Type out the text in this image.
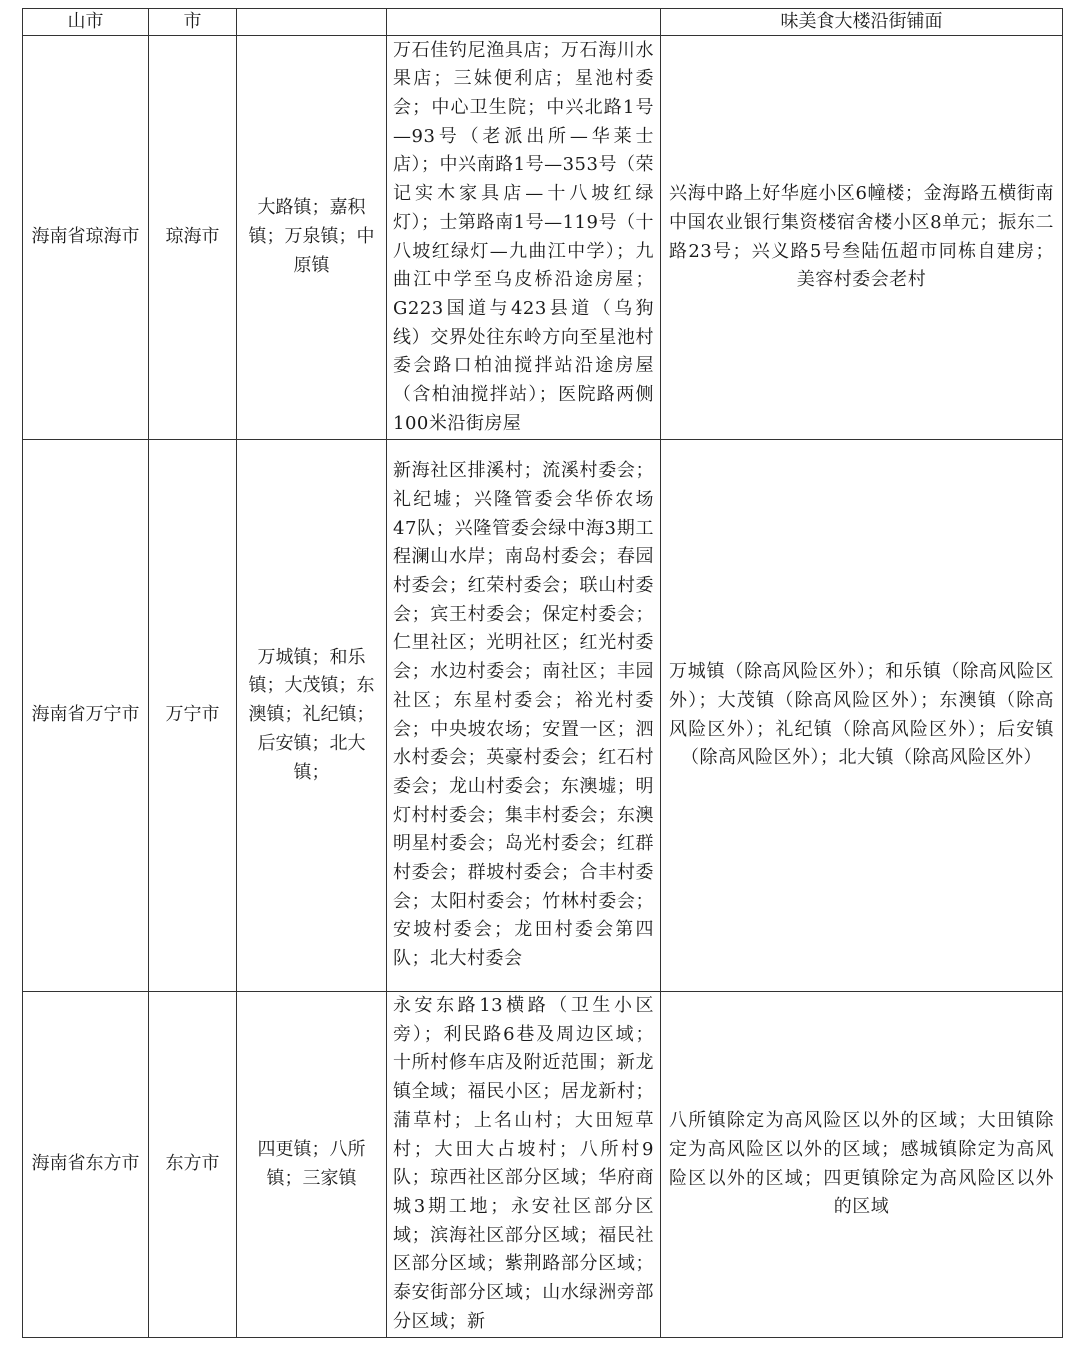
山市	市			味美食大楼沿街铺面
海南省琼海市	琼海市	大路镇；嘉积镇；万泉镇；中原镇	万石佳钓尼渔具店；万石海川水果店；三妹便利店；星池村委会；中心卫生院；中兴北路1号—93号（老派出所—华莱士店）；中兴南路1号—353号（荣记实木家具店—十八坡红绿灯）；士第路南1号—119号（十八坡红绿灯—九曲江中学）；九曲江中学至乌皮桥沿途房屋；G223国道与423县道（乌狗线）交界处往东岭方向至星池村委会路口柏油搅拌站沿途房屋（含柏油搅拌站）；医院路两侧100米沿街房屋	兴海中路上好华庭小区6幢楼；金海路五横街南中国农业银行集资楼宿舍楼小区8单元；振东二路23号；兴义路5号叁陆伍超市同栋自建房；美容村委会老村
海南省万宁市	万宁市	万城镇；和乐镇；大茂镇；东澳镇；礼纪镇；后安镇；北大镇；	新海社区排溪村；流溪村委会；礼纪墟；兴隆管委会华侨农场47队；兴隆管委会绿中海3期工程澜山水岸；南岛村委会；春园村委会；红荣村委会；联山村委会；宾王村委会；保定村委会；仁里社区；光明社区；红光村委会；水边村委会；南社区；丰园社区；东星村委会；裕光村委会；中央坡农场；安置一区；泗水村委会；英豪村委会；红石村委会；龙山村委会；东澳墟；明灯村村委会；集丰村委会；东澳明星村委会；岛光村委会；红群村委会；群坡村委会；合丰村委会；太阳村委会；竹林村委会；安坡村委会；龙田村委会第四队；北大村委会	万城镇（除高风险区外）；和乐镇（除高风险区外）；大茂镇（除高风险区外）；东澳镇（除高风险区外）；礼纪镇（除高风险区外）；后安镇（除高风险区外）；北大镇（除高风险区外）
海南省东方市	东方市	四更镇；八所镇；三家镇	永安东路13横路（卫生小区旁）；利民路6巷及周边区域；十所村修车店及附近范围；新龙镇全域；福民小区；居龙新村；蒲草村；上名山村；大田短草村；大田大占坡村；八所村9队；琼西社区部分区域；华府商城3期工地；永安社区部分区域；滨海社区部分区域；福民社区部分区域；紫荆路部分区域；泰安街部分区域；山水绿洲旁部分区域；新	八所镇除定为高风险区以外的区域；大田镇除定为高风险区以外的区域；感城镇除定为高风险区以外的区域；四更镇除定为高风险区以外的区域
